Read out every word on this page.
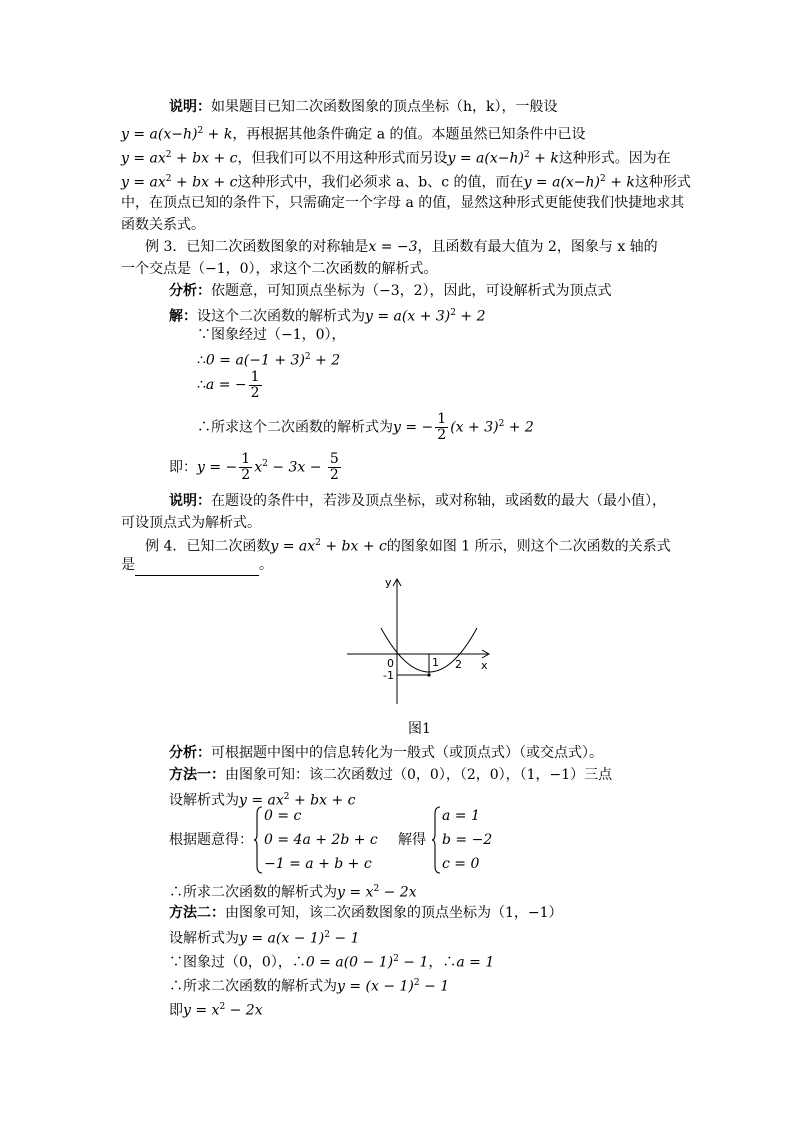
说明：如果题目已知二次函数图象的顶点坐标（h，k），一般设
$y = a(x-h)^2 + k$，再根据其他条件确定 a 的值。本题虽然已知条件中已设
$y = ax^2$ + bx + c，但我们可以不用这种形式而另设$y = a(x-h)^2 + k$这种形式。因为在
$y = ax^2$ + bx + c这种形式中，我们必须求 a、b、c 的值，而在$y = a(x-h)^2 + k$这种形式
中，在顶点已知的条件下，只需确定一个字母 a 的值，显然这种形式更能使我们快捷地求其
函数关系式。
例 3．已知二次函数图象的对称轴是x = −3，且函数有最大值为 2，图象与 x 轴的
一个交点是（−1，0），求这个二次函数的解析式。
分析：依题意，可知顶点坐标为（−3，2），因此，可设解析式为顶点式
解：设这个二次函数的解析式为$y = a(x + 3)^2 + 2$
∵图象经过（−1，0），
∴0 = $a(-1 + 3)^2 + 2$
∴a = − $\frac{1}{2}$
∴所求这个二次函数的解析式为y = − $\frac{1}{2} (x + 3)^2 + 2$
即：y = − $\frac{1}{2} x^2 - 3x - \frac{5}{2}$
说明：在题设的条件中，若涉及顶点坐标，或对称轴，或函数的最大（最小值），
可设顶点式为解析式。
例 4．已知二次函数$y = ax^2$ + bx + c的图象如图 1 所示，则这个二次函数的关系式
是	。
y
x
0	1 2
-1
图1
分析：可根据题中图中的信息转化为一般式（或顶点式）（或交点式）。
方法一：由图象可知：该二次函数过（0，0），（2，0），（1，−1）三点
设解析式为$y = ax^2$ + bx + c
根据题意得：
0 = c
0 = 4a + 2b + c
−1 = a + b + c
解得
a = 1
b = −2
c = 0
∴所求二次函数的解析式为$y = x^2 - 2x$
方法二：由图象可知，该二次函数图象的顶点坐标为（1，−1）
设解析式为$y = a(x - 1)^2 - 1$
∵图象过（0，0），∴0 = $a(0 - 1)^2 - 1$，∴a = 1
∴所求二次函数的解析式为$y = (x - 1)^2 - 1$
即$y = x^2 - 2x$
